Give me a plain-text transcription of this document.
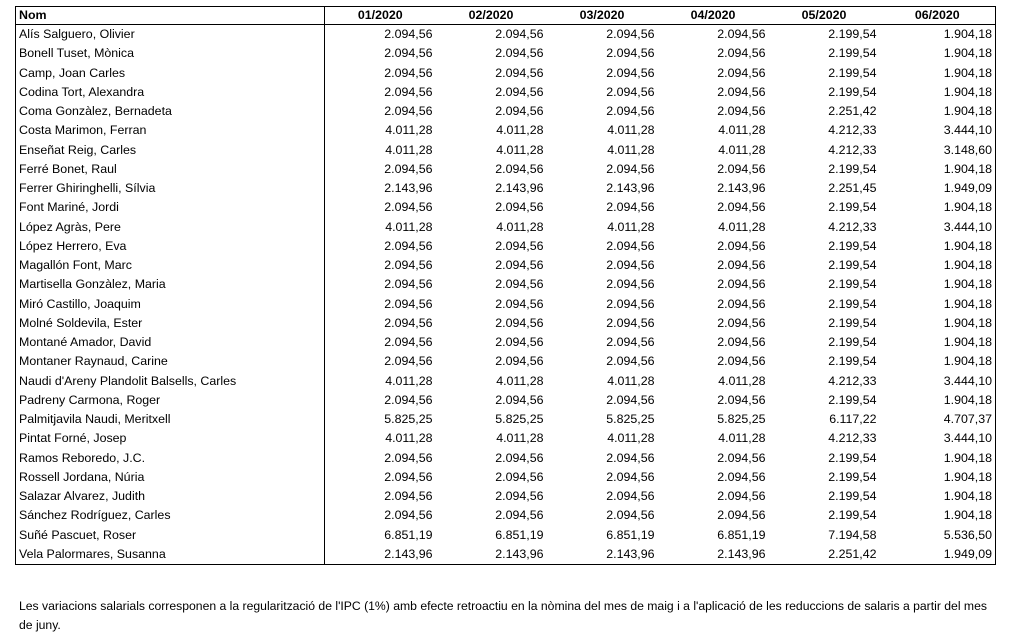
Nom	01/2020	02/2020	03/2020	04/2020	05/2020	06/2020
Alís Salguero, Olivier	2.094,56	2.094,56	2.094,56	2.094,56	2.199,54	1.904,18
Bonell Tuset, Mònica	2.094,56	2.094,56	2.094,56	2.094,56	2.199,54	1.904,18
Camp, Joan Carles	2.094,56	2.094,56	2.094,56	2.094,56	2.199,54	1.904,18
Codina Tort, Alexandra	2.094,56	2.094,56	2.094,56	2.094,56	2.199,54	1.904,18
Coma Gonzàlez, Bernadeta	2.094,56	2.094,56	2.094,56	2.094,56	2.251,42	1.904,18
Costa Marimon, Ferran	4.011,28	4.011,28	4.011,28	4.011,28	4.212,33	3.444,10
Enseñat Reig, Carles	4.011,28	4.011,28	4.011,28	4.011,28	4.212,33	3.148,60
Ferré Bonet, Raul	2.094,56	2.094,56	2.094,56	2.094,56	2.199,54	1.904,18
Ferrer Ghiringhelli, Sílvia	2.143,96	2.143,96	2.143,96	2.143,96	2.251,45	1.949,09
Font Mariné, Jordi	2.094,56	2.094,56	2.094,56	2.094,56	2.199,54	1.904,18
López Agràs, Pere	4.011,28	4.011,28	4.011,28	4.011,28	4.212,33	3.444,10
López Herrero, Eva	2.094,56	2.094,56	2.094,56	2.094,56	2.199,54	1.904,18
Magallón Font, Marc	2.094,56	2.094,56	2.094,56	2.094,56	2.199,54	1.904,18
Martisella Gonzàlez, Maria	2.094,56	2.094,56	2.094,56	2.094,56	2.199,54	1.904,18
Miró Castillo, Joaquim	2.094,56	2.094,56	2.094,56	2.094,56	2.199,54	1.904,18
Molné Soldevila, Ester	2.094,56	2.094,56	2.094,56	2.094,56	2.199,54	1.904,18
Montané Amador, David	2.094,56	2.094,56	2.094,56	2.094,56	2.199,54	1.904,18
Montaner Raynaud, Carine	2.094,56	2.094,56	2.094,56	2.094,56	2.199,54	1.904,18
Naudi d'Areny Plandolit Balsells, Carles	4.011,28	4.011,28	4.011,28	4.011,28	4.212,33	3.444,10
Padreny Carmona, Roger	2.094,56	2.094,56	2.094,56	2.094,56	2.199,54	1.904,18
Palmitjavila Naudi, Meritxell	5.825,25	5.825,25	5.825,25	5.825,25	6.117,22	4.707,37
Pintat Forné, Josep	4.011,28	4.011,28	4.011,28	4.011,28	4.212,33	3.444,10
Ramos Reboredo, J.C.	2.094,56	2.094,56	2.094,56	2.094,56	2.199,54	1.904,18
Rossell Jordana, Núria	2.094,56	2.094,56	2.094,56	2.094,56	2.199,54	1.904,18
Salazar Alvarez, Judith	2.094,56	2.094,56	2.094,56	2.094,56	2.199,54	1.904,18
Sánchez Rodríguez, Carles	2.094,56	2.094,56	2.094,56	2.094,56	2.199,54	1.904,18
Suñé Pascuet, Roser	6.851,19	6.851,19	6.851,19	6.851,19	7.194,58	5.536,50
Vela Palormares, Susanna	2.143,96	2.143,96	2.143,96	2.143,96	2.251,42	1.949,09
Les variacions salarials corresponen a la regularització de l'IPC (1%) amb efecte retroactiu en la nòmina del mes de maig i a l'aplicació de les reduccions de salaris a partir del mes de juny.
